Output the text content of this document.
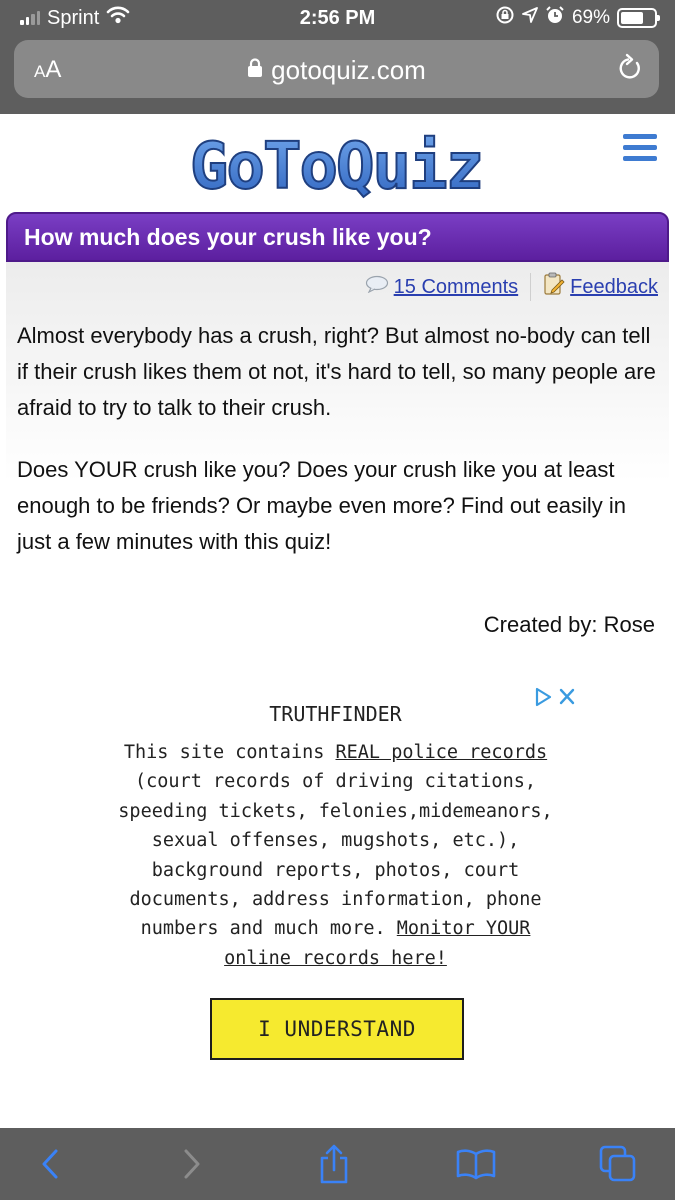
Sprint	2:56 PM	69%
AA	gotoquiz.com
GoToQuiz
How much does your crush like you?
15 Comments	Feedback

Almost everybody has a crush, right? But almost no-body can tell if their crush likes them ot not, it's hard to tell, so many people are afraid to try to talk to their crush.

Does YOUR crush like you? Does your crush like you at least enough to be friends? Or maybe even more? Find out easily in just a few minutes with this quiz!

Created by: Rose
TRUTHFINDER
This site contains REAL police records (court records of driving citations, speeding tickets, felonies,midemeanors, sexual offenses, mugshots, etc.), background reports, photos, court documents, address information, phone numbers and much more. Monitor YOUR online records here!
I UNDERSTAND
